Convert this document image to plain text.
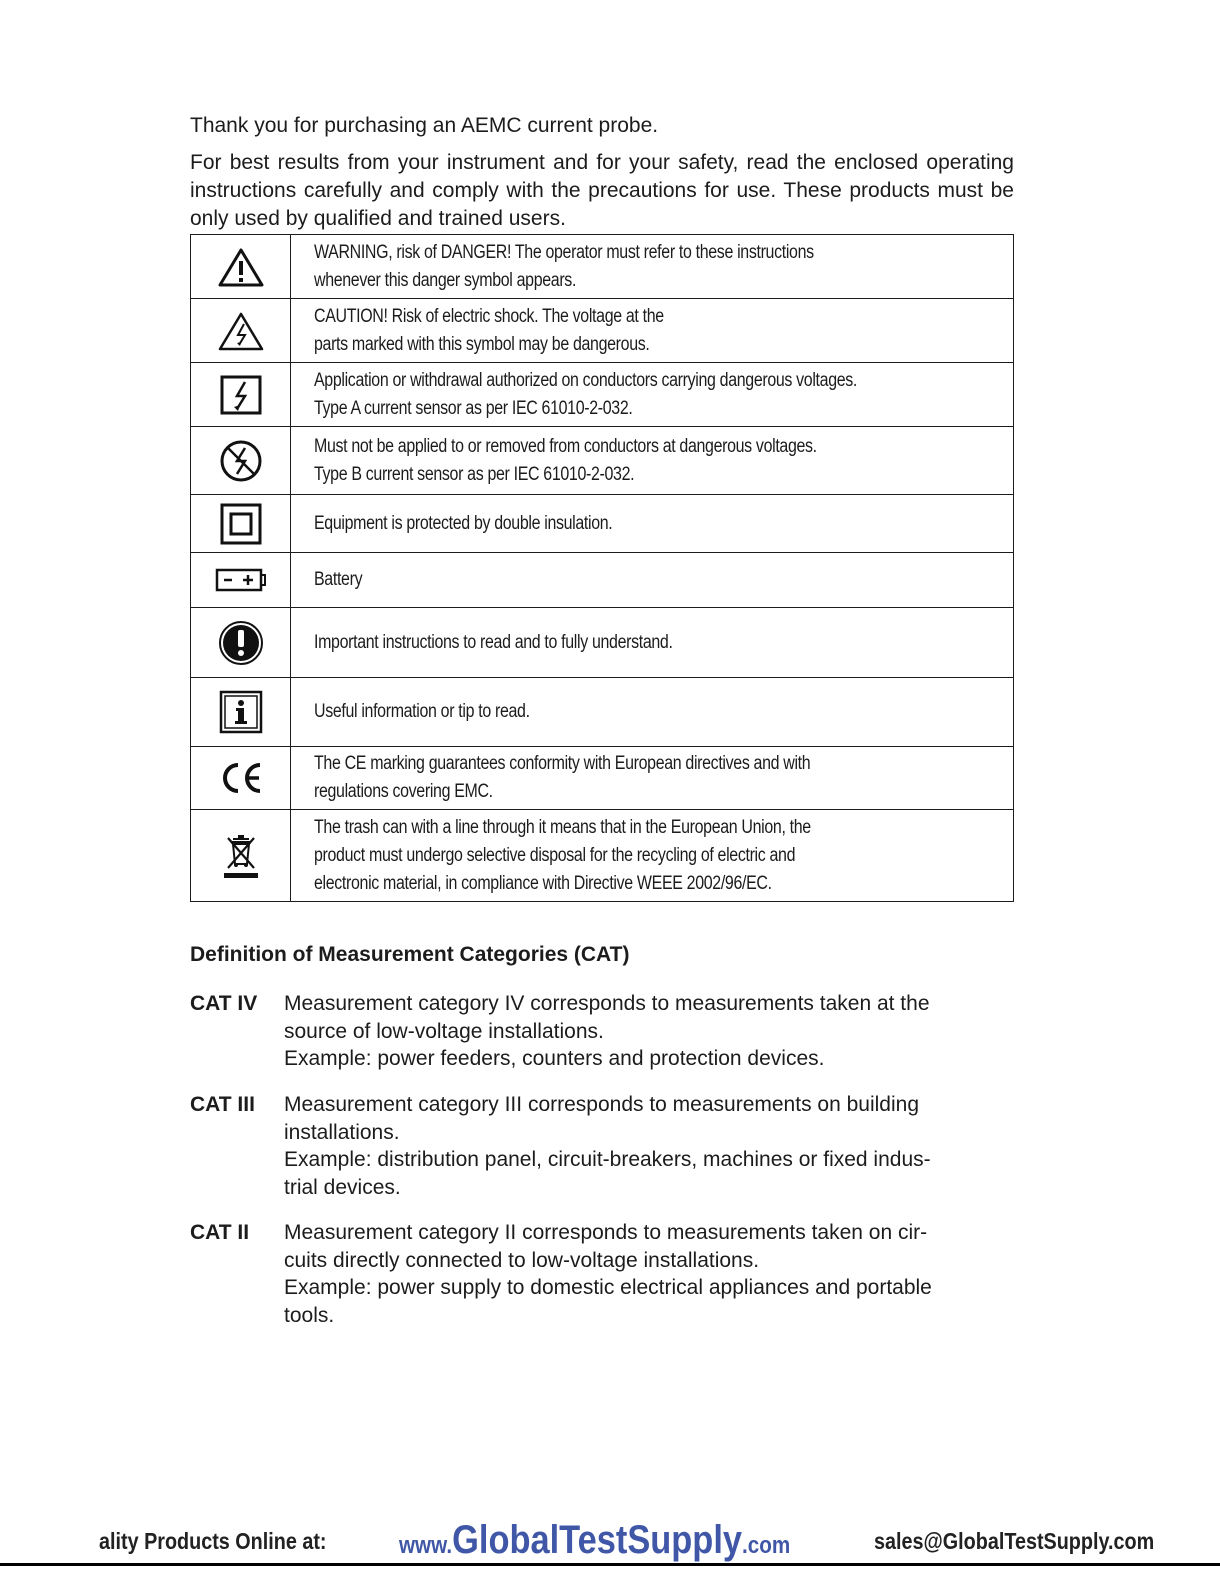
Thank you for purchasing an AEMC current probe.

For best results from your instrument and for your safety, read the enclosed operating instructions carefully and comply with the precautions for use. These products must be only used by qualified and trained users.

	WARNING, risk of DANGER! The operator must refer to these instructions
whenever this danger symbol appears.

	CAUTION! Risk of electric shock. The voltage at the
parts marked with this symbol may be dangerous.

	Application or withdrawal authorized on conductors carrying dangerous voltages.
Type A current sensor as per IEC 61010-2-032.

	Must not be applied to or removed from conductors at dangerous voltages.
Type B current sensor as per IEC 61010-2-032.

	Equipment is protected by double insulation.

	Battery

	Important instructions to read and to fully understand.

	Useful information or tip to read.

	The CE marking guarantees conformity with European directives and with
regulations covering EMC.

	The trash can with a line through it means that in the European Union, the
product must undergo selective disposal for the recycling of electric and
electronic material, in compliance with Directive WEEE 2002/96/EC.
Definition of Measurement Categories (CAT)
CAT IV Measurement category IV corresponds to measurements taken at the
source of low-voltage installations.
Example: power feeders, counters and protection devices.
CAT III Measurement category III corresponds to measurements on building
installations.
Example: distribution panel, circuit-breakers, machines or fixed indus-
trial devices.
CAT II Measurement category II corresponds to measurements taken on cir-
cuits directly connected to low-voltage installations.
Example: power supply to domestic electrical appliances and portable
tools.
ality Products Online at:	www.GlobalTestSupply.com	sales@GlobalTestSupply.com
